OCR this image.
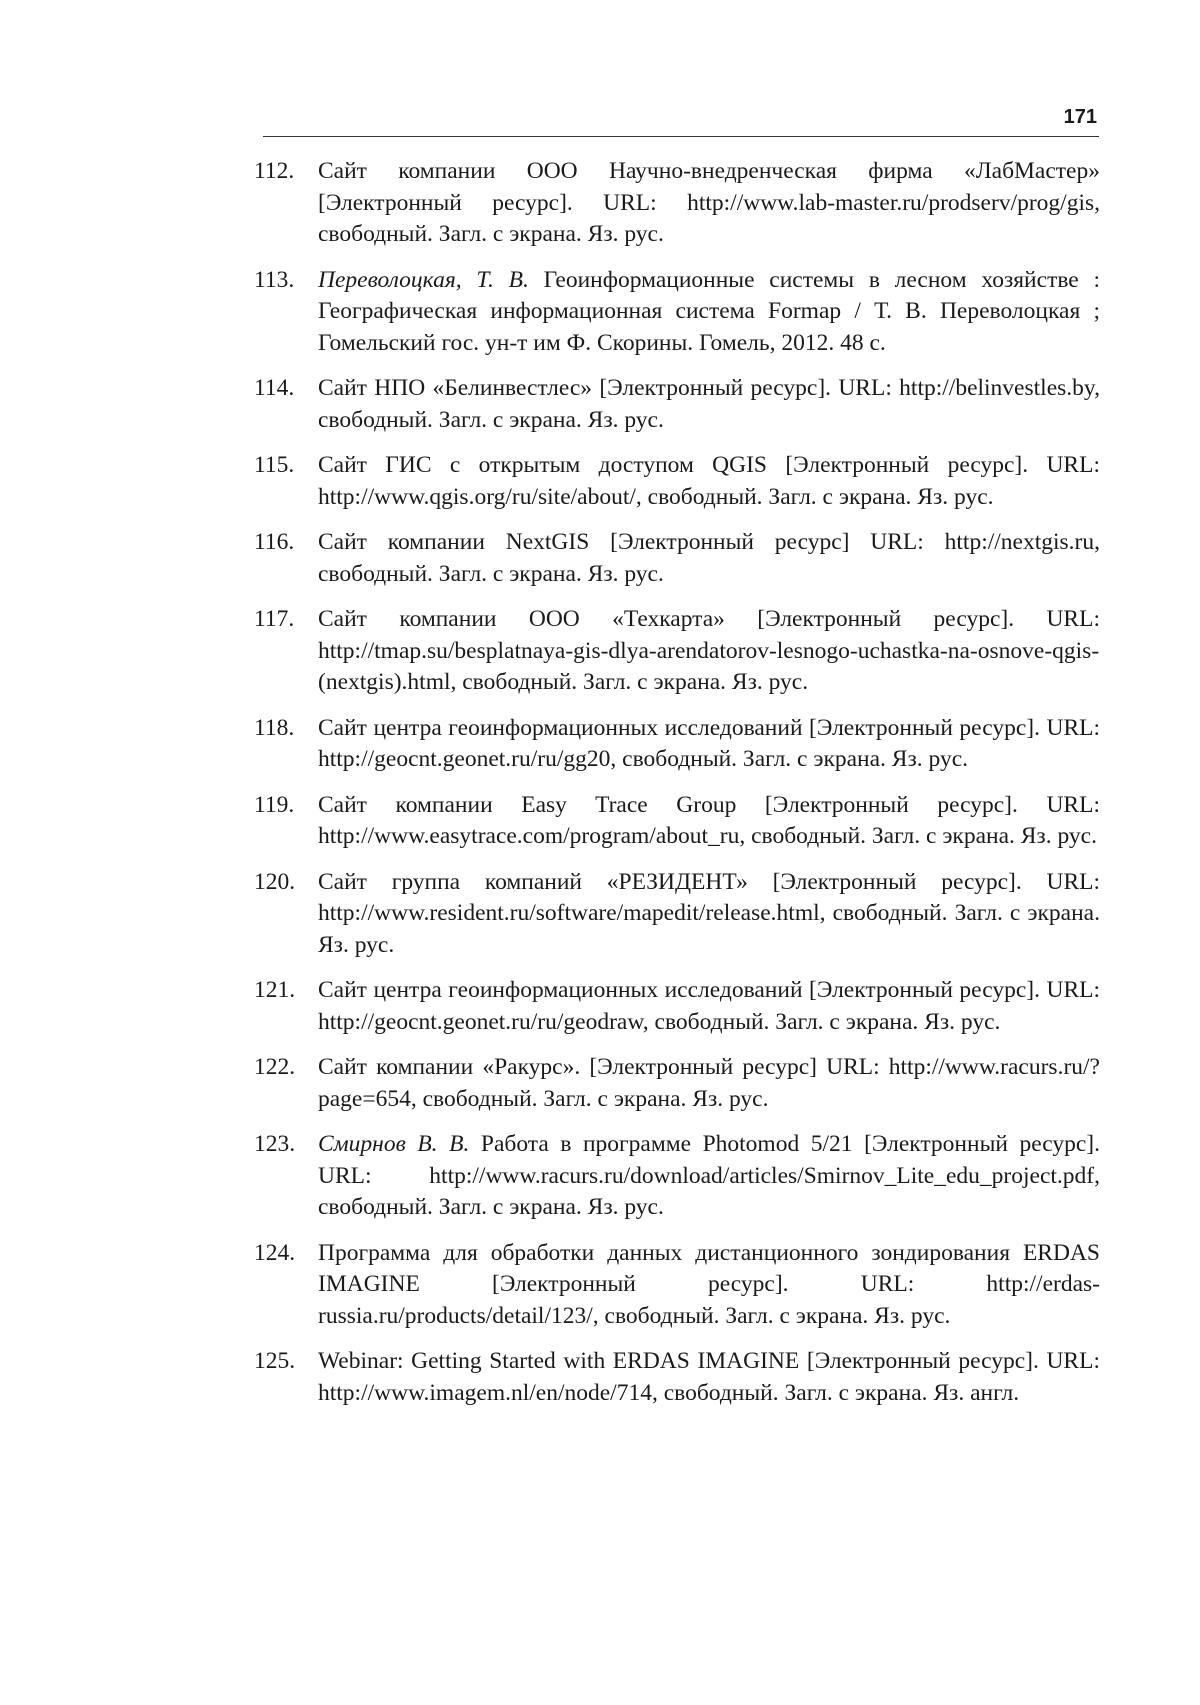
171
112. Сайт компании ООО Научно-внедренческая фирма «ЛабМастер» [Электронный ресурс]. URL: http://www.lab-master.ru/prodserv/prog/gis, свободный. Загл. с экрана. Яз. рус.
113. Переволоцкая, Т. В. Геоинформационные системы в лесном хозяйстве : Географическая информационная система Formap / Т. В. Переволоцкая ; Гомельский гос. ун-т им Ф. Скорины. Гомель, 2012. 48 с.
114. Сайт НПО «Белинвестлес» [Электронный ресурс]. URL: http://belinvestles.by, свободный. Загл. с экрана. Яз. рус.
115. Сайт ГИС с открытым доступом QGIS [Электронный ресурс]. URL: http://www.qgis.org/ru/site/about/, свободный. Загл. с экрана. Яз. рус.
116. Сайт компании NextGIS [Электронный ресурс] URL: http://nextgis.ru, свободный. Загл. с экрана. Яз. рус.
117. Сайт компании ООО «Техкарта» [Электронный ресурс]. URL: http://tmap.su/besplatnaya-gis-dlya-arendatorov-lesnogo-uchastka-na-osnove-qgis-(nextgis).html, свободный. Загл. с экрана. Яз. рус.
118. Сайт центра геоинформационных исследований [Электронный ресурс]. URL: http://geocnt.geonet.ru/ru/gg20, свободный. Загл. с экрана. Яз. рус.
119. Сайт компании Easy Trace Group [Электронный ресурс]. URL: http://www.easytrace.com/program/about_ru, свободный. Загл. с экрана. Яз. рус.
120. Сайт группа компаний «РЕЗИДЕНТ» [Электронный ресурс]. URL: http://www.resident.ru/software/mapedit/release.html, свободный. Загл. с экрана. Яз. рус.
121. Сайт центра геоинформационных исследований [Электронный ресурс]. URL: http://geocnt.geonet.ru/ru/geodraw, свободный. Загл. с экрана. Яз. рус.
122. Сайт компании «Ракурс». [Электронный ресурс] URL: http://www.racurs.ru/?page=654, свободный. Загл. с экрана. Яз. рус.
123. Смирнов В. В. Работа в программе Photomod 5/21 [Электронный ресурс]. URL: http://www.racurs.ru/download/articles/Smirnov_Lite_edu_project.pdf, свободный. Загл. с экрана. Яз. рус.
124. Программа для обработки данных дистанционного зондирования ERDAS IMAGINE [Электронный ресурс]. URL: http://erdas-russia.ru/products/detail/123/, свободный. Загл. с экрана. Яз. рус.
125. Webinar: Getting Started with ERDAS IMAGINE [Электронный ресурс]. URL: http://www.imagem.nl/en/node/714, свободный. Загл. с экрана. Яз. англ.
